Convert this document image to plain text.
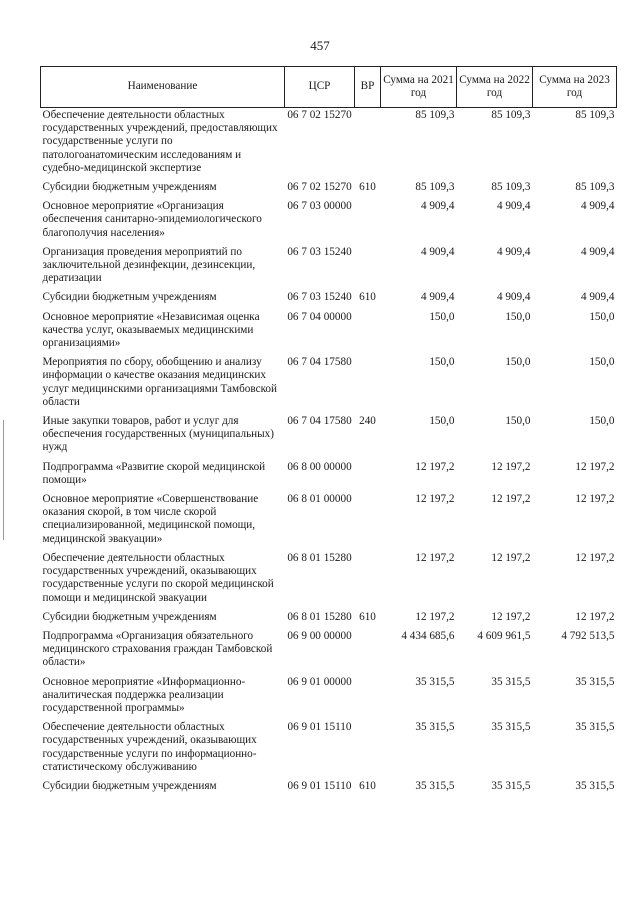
457
Наименование	ЦСР	ВР	Сумма на 2021 год	Сумма на 2022 год	Сумма на 2023 год
Обеспечение деятельности областных государственных учреждений, предоставляющих государственные услуги по патологоанатомическим исследованиям и судебно-медицинской экспертизе	06 7 02 15270		85 109,3	85 109,3	85 109,3
Субсидии бюджетным учреждениям	06 7 02 15270	610	85 109,3	85 109,3	85 109,3
Основное мероприятие «Организация обеспечения санитарно-эпидемиологического благополучия населения»	06 7 03 00000		4 909,4	4 909,4	4 909,4
Организация проведения мероприятий по заключительной дезинфекции, дезинсекции, дератизации	06 7 03 15240		4 909,4	4 909,4	4 909,4
Субсидии бюджетным учреждениям	06 7 03 15240	610	4 909,4	4 909,4	4 909,4
Основное мероприятие «Независимая оценка качества услуг, оказываемых медицинскими организациями»	06 7 04 00000		150,0	150,0	150,0
Мероприятия по сбору, обобщению и анализу информации о качестве оказания медицинских услуг медицинскими организациями Тамбовской области	06 7 04 17580		150,0	150,0	150,0
Иные закупки товаров, работ и услуг для обеспечения государственных (муниципальных) нужд	06 7 04 17580	240	150,0	150,0	150,0
Подпрограмма «Развитие скорой медицинской помощи»	06 8 00 00000		12 197,2	12 197,2	12 197,2
Основное мероприятие «Совершенствование оказания скорой, в том числе скорой специализированной, медицинской помощи, медицинской эвакуации»	06 8 01 00000		12 197,2	12 197,2	12 197,2
Обеспечение деятельности областных государственных учреждений, оказывающих государственные услуги по скорой медицинской помощи и медицинской эвакуации	06 8 01 15280		12 197,2	12 197,2	12 197,2
Субсидии бюджетным учреждениям	06 8 01 15280	610	12 197,2	12 197,2	12 197,2
Подпрограмма «Организация обязательного медицинского страхования граждан Тамбовской области»	06 9 00 00000		4 434 685,6	4 609 961,5	4 792 513,5
Основное мероприятие «Информационно-аналитическая поддержка реализации государственной программы»	06 9 01 00000		35 315,5	35 315,5	35 315,5
Обеспечение деятельности областных государственных учреждений, оказывающих государственные услуги по информационно-статистическому обслуживанию	06 9 01 15110		35 315,5	35 315,5	35 315,5
Субсидии бюджетным учреждениям	06 9 01 15110	610	35 315,5	35 315,5	35 315,5
